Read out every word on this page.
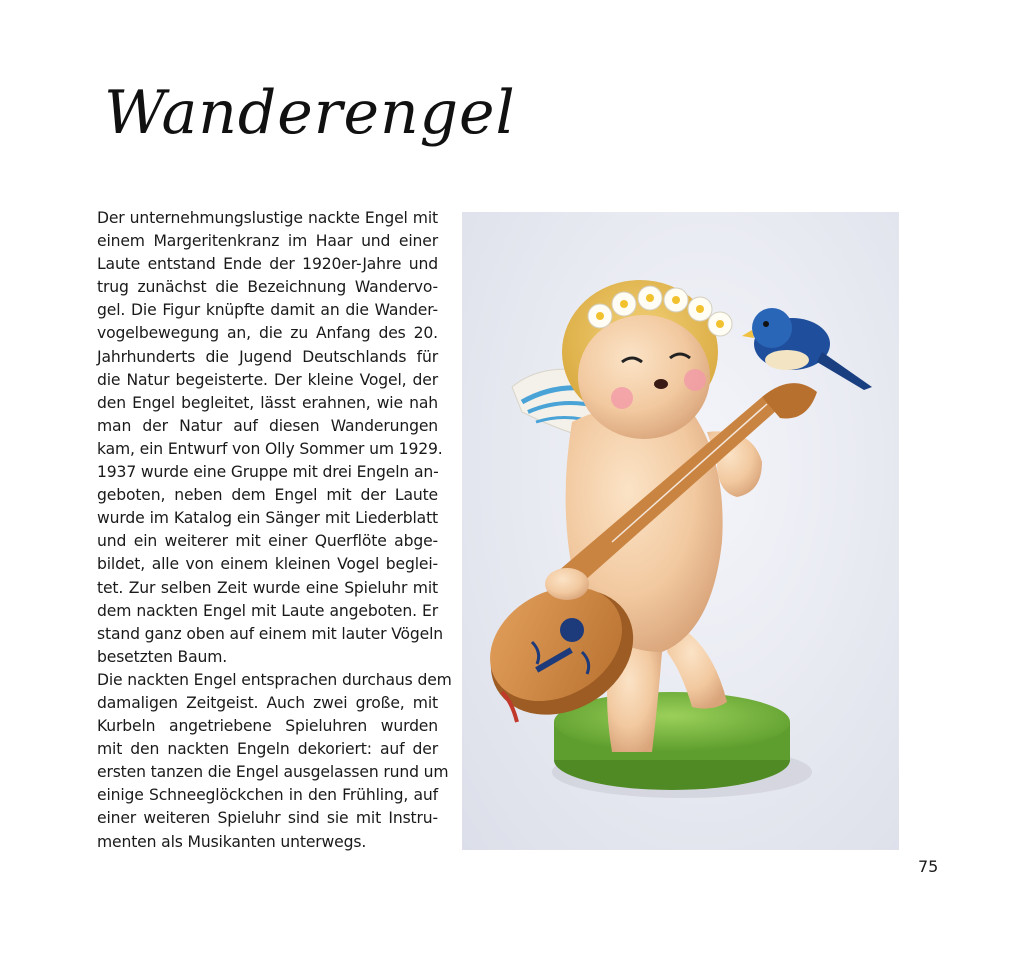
Wanderengel
Der unternehmungslustige nackte Engel mit
einem Margeritenkranz im Haar und einer
Laute entstand Ende der 1920er-Jahre und
trug zunächst die Bezeichnung Wandervo-
gel. Die Figur knüpfte damit an die Wander-
vogelbewegung an, die zu Anfang des 20.
Jahrhunderts die Jugend Deutschlands für
die Natur begeisterte. Der kleine Vogel, der
den Engel begleitet, lässt erahnen, wie nah
man der Natur auf diesen Wanderungen
kam, ein Entwurf von Olly Sommer um 1929.
1937 wurde eine Gruppe mit drei Engeln an-
geboten, neben dem Engel mit der Laute
wurde im Katalog ein Sänger mit Liederblatt
und ein weiterer mit einer Querflöte abge-
bildet, alle von einem kleinen Vogel beglei-
tet. Zur selben Zeit wurde eine Spieluhr mit
dem nackten Engel mit Laute angeboten. Er
stand ganz oben auf einem mit lauter Vögeln
besetzten Baum.
Die nackten Engel entsprachen durchaus dem
damaligen Zeitgeist. Auch zwei große, mit
Kurbeln angetriebene Spieluhren wurden
mit den nackten Engeln dekoriert: auf der
ersten tanzen die Engel ausgelassen rund um
einige Schneeglöckchen in den Frühling, auf
einer weiteren Spieluhr sind sie mit Instru-
menten als Musikanten unterwegs.
75
